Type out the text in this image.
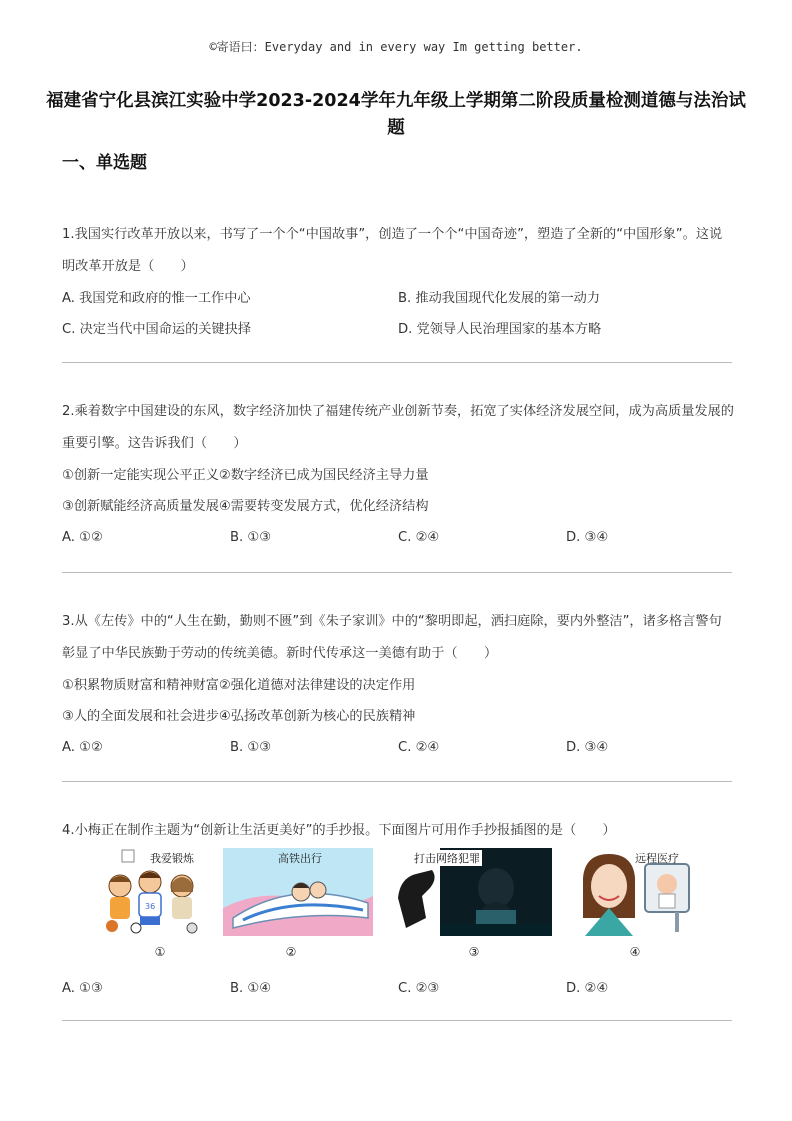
©寄语曰：Everyday and in every way Im getting better.
福建省宁化县滨江实验中学2023-2024学年九年级上学期第二阶段质量检测道德与法治试题
一、单选题
1.我国实行改革开放以来，书写了一个个“中国故事”，创造了一个个“中国奇迹”，塑造了全新的“中国形象”。这说明改革开放是（　　）
A. 我国党和政府的惟一工作中心	B. 推动我国现代化发展的第一动力
C. 决定当代中国命运的关键抉择	D. 党领导人民治理国家的基本方略
2.乘着数字中国建设的东风，数字经济加快了福建传统产业创新节奏，拓宽了实体经济发展空间，成为高质量发展的重要引擎。这告诉我们（　　）
①创新一定能实现公平正义②数字经济已成为国民经济主导力量
③创新赋能经济高质量发展④需要转变发展方式，优化经济结构
A. ①②	B. ①③	C. ②④	D. ③④
3.从《左传》中的“人生在勤，勤则不匮”到《朱子家训》中的“黎明即起，洒扫庭除，要内外整洁”，诸多格言警句彰显了中华民族勤于劳动的传统美德。新时代传承这一美德有助于（　　）
①积累物质财富和精神财富②强化道德对法律建设的决定作用
③人的全面发展和社会进步④弘扬改革创新为核心的民族精神
A. ①②	B. ①③	C. ②④	D. ③④
4.小梅正在制作主题为“创新让生活更美好”的手抄报。下面图片可用作手抄报插图的是（　　）
36
我爱锻炼	高铁出行	打击网络犯罪	远程医疗
①	②	③	④
A. ①③	B. ①④	C. ②③	D. ②④
